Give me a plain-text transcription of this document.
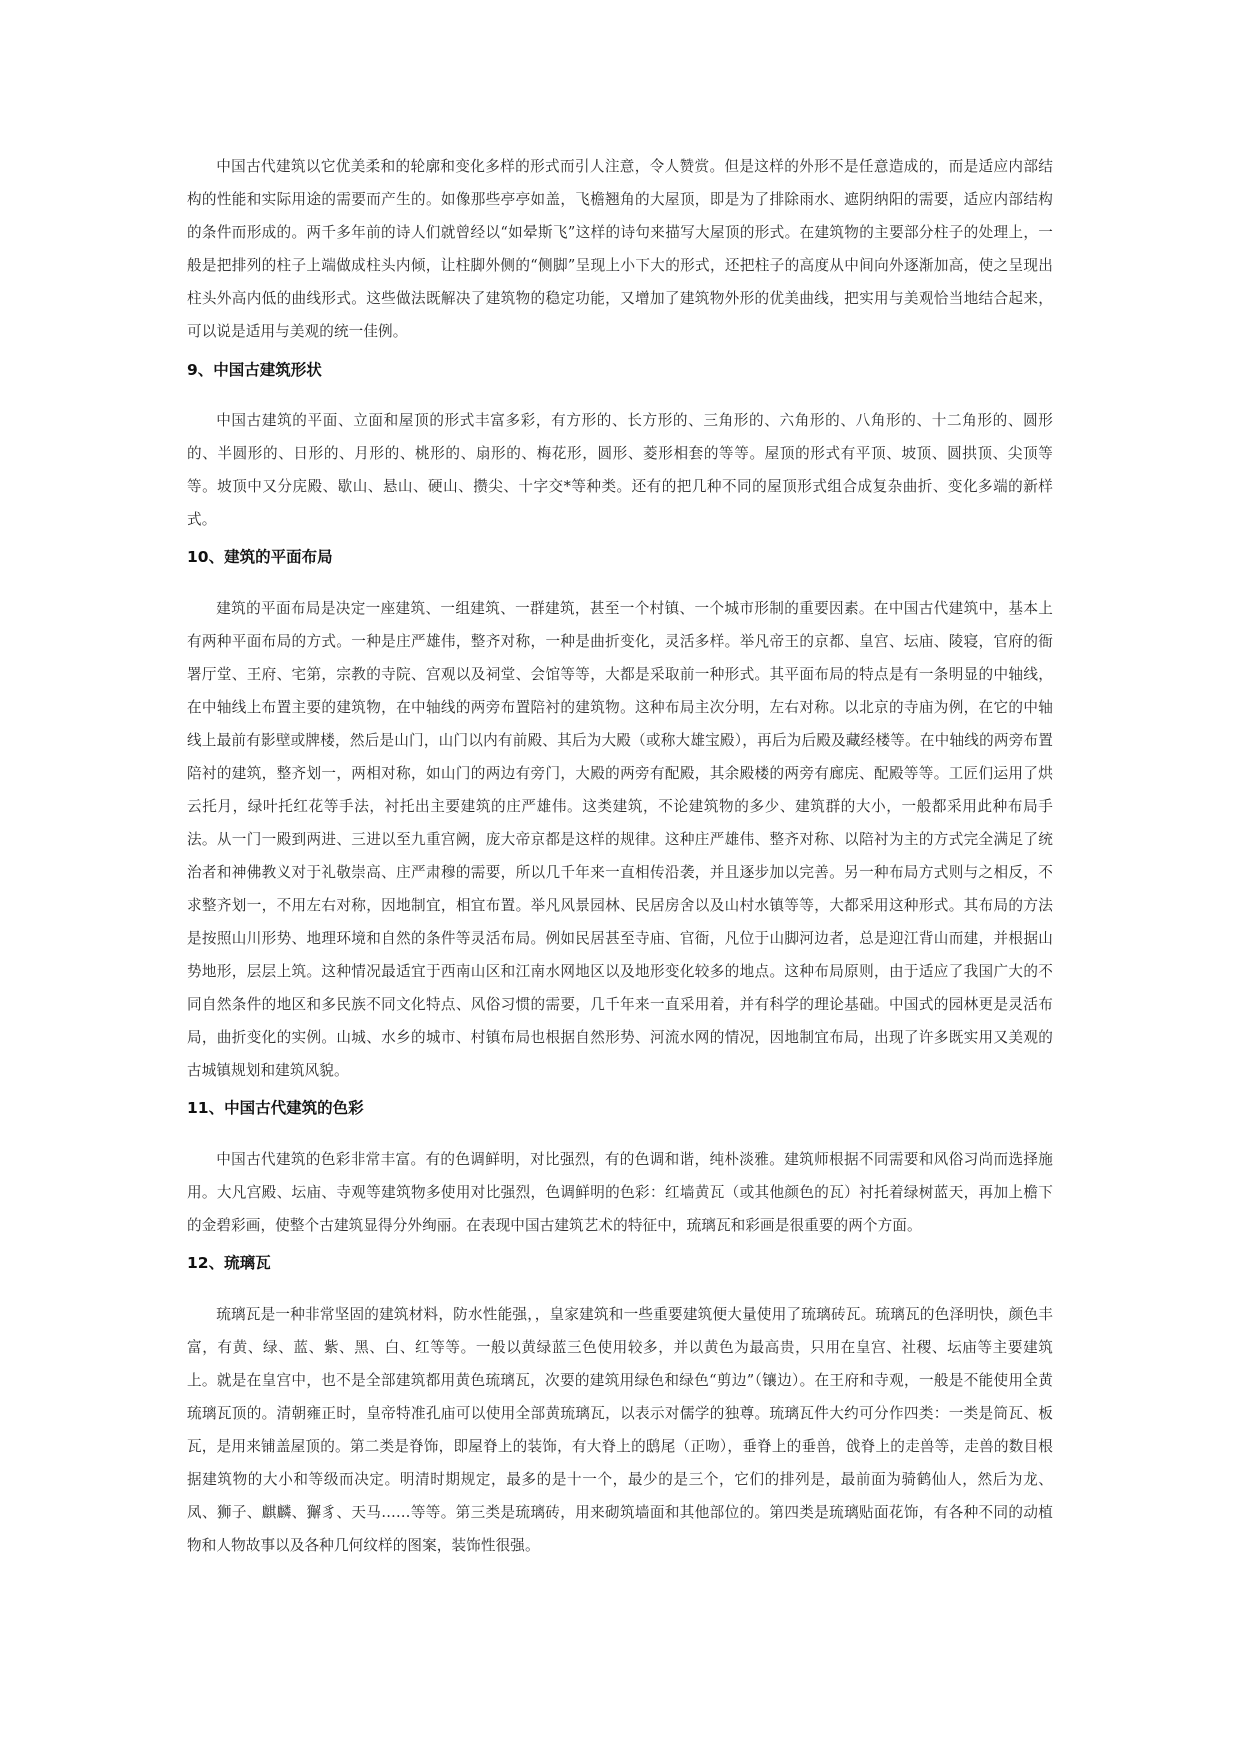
中国古代建筑以它优美柔和的轮廓和变化多样的形式而引人注意，令人赞赏。但是这样的外形不是任意造成的，而是适应内部结构的性能和实际用途的需要而产生的。如像那些亭亭如盖，飞檐翘角的大屋顶，即是为了排除雨水、遮阴纳阳的需要，适应内部结构的条件而形成的。两千多年前的诗人们就曾经以“如晕斯飞”这样的诗句来描写大屋顶的形式。在建筑物的主要部分柱子的处理上，一般是把排列的柱子上端做成柱头内倾，让柱脚外侧的“侧脚”呈现上小下大的形式，还把柱子的高度从中间向外逐渐加高，使之呈现出柱头外高内低的曲线形式。这些做法既解决了建筑物的稳定功能，又增加了建筑物外形的优美曲线，把实用与美观恰当地结合起来，可以说是适用与美观的统一佳例。

9、中国古建筑形状

中国古建筑的平面、立面和屋顶的形式丰富多彩，有方形的、长方形的、三角形的、六角形的、八角形的、十二角形的、圆形的、半圆形的、日形的、月形的、桃形的、扇形的、梅花形，圆形、菱形相套的等等。屋顶的形式有平顶、坡顶、圆拱顶、尖顶等等。坡顶中又分庑殿、歇山、悬山、硬山、攒尖、十字交*等种类。还有的把几种不同的屋顶形式组合成复杂曲折、变化多端的新样式。

10、建筑的平面布局

建筑的平面布局是决定一座建筑、一组建筑、一群建筑，甚至一个村镇、一个城市形制的重要因素。在中国古代建筑中，基本上有两种平面布局的方式。一种是庄严雄伟，整齐对称，一种是曲折变化，灵活多样。举凡帝王的京都、皇宫、坛庙、陵寝，官府的衙署厅堂、王府、宅第，宗教的寺院、宫观以及祠堂、会馆等等，大都是采取前一种形式。其平面布局的特点是有一条明显的中轴线，在中轴线上布置主要的建筑物，在中轴线的两旁布置陪衬的建筑物。这种布局主次分明，左右对称。以北京的寺庙为例，在它的中轴线上最前有影壁或牌楼，然后是山门，山门以内有前殿、其后为大殿（或称大雄宝殿），再后为后殿及藏经楼等。在中轴线的两旁布置陪衬的建筑，整齐划一，两相对称，如山门的两边有旁门，大殿的两旁有配殿，其余殿楼的两旁有廊庑、配殿等等。工匠们运用了烘云托月，绿叶托红花等手法，衬托出主要建筑的庄严雄伟。这类建筑，不论建筑物的多少、建筑群的大小，一般都采用此种布局手法。从一门一殿到两进、三进以至九重宫阙，庞大帝京都是这样的规律。这种庄严雄伟、整齐对称、以陪衬为主的方式完全满足了统治者和神佛教义对于礼敬崇高、庄严肃穆的需要，所以几千年来一直相传沿袭，并且逐步加以完善。另一种布局方式则与之相反，不求整齐划一，不用左右对称，因地制宜，相宜布置。举凡风景园林、民居房舍以及山村水镇等等，大都采用这种形式。其布局的方法是按照山川形势、地理环境和自然的条件等灵活布局。例如民居甚至寺庙、官衙，凡位于山脚河边者，总是迎江背山而建，并根据山势地形，层层上筑。这种情况最适宜于西南山区和江南水网地区以及地形变化较多的地点。这种布局原则，由于适应了我国广大的不同自然条件的地区和多民族不同文化特点、风俗习惯的需要，几千年来一直采用着，并有科学的理论基础。中国式的园林更是灵活布局，曲折变化的实例。山城、水乡的城市、村镇布局也根据自然形势、河流水网的情况，因地制宜布局，出现了许多既实用又美观的古城镇规划和建筑风貌。

11、中国古代建筑的色彩

中国古代建筑的色彩非常丰富。有的色调鲜明，对比强烈，有的色调和谐，纯朴淡雅。建筑师根据不同需要和风俗习尚而选择施用。大凡宫殿、坛庙、寺观等建筑物多使用对比强烈，色调鲜明的色彩：红墙黄瓦（或其他颜色的瓦）衬托着绿树蓝天，再加上檐下的金碧彩画，使整个古建筑显得分外绚丽。在表现中国古建筑艺术的特征中，琉璃瓦和彩画是很重要的两个方面。

12、琉璃瓦

琉璃瓦是一种非常坚固的建筑材料，防水性能强，，皇家建筑和一些重要建筑便大量使用了琉璃砖瓦。琉璃瓦的色泽明快，颜色丰富，有黄、绿、蓝、紫、黑、白、红等等。一般以黄绿蓝三色使用较多，并以黄色为最高贵，只用在皇宫、社稷、坛庙等主要建筑上。就是在皇宫中，也不是全部建筑都用黄色琉璃瓦，次要的建筑用绿色和绿色“剪边”（镶边）。在王府和寺观，一般是不能使用全黄琉璃瓦顶的。清朝雍正时，皇帝特准孔庙可以使用全部黄琉璃瓦，以表示对儒学的独尊。琉璃瓦件大约可分作四类：一类是筒瓦、板瓦，是用来铺盖屋顶的。第二类是脊饰，即屋脊上的装饰，有大脊上的鸱尾（正吻），垂脊上的垂兽，戗脊上的走兽等，走兽的数目根据建筑物的大小和等级而决定。明清时期规定，最多的是十一个，最少的是三个，它们的排列是，最前面为骑鹤仙人，然后为龙、凤、狮子、麒麟、獬豸、天马……等等。第三类是琉璃砖，用来砌筑墙面和其他部位的。第四类是琉璃贴面花饰，有各种不同的动植物和人物故事以及各种几何纹样的图案，装饰性很强。
